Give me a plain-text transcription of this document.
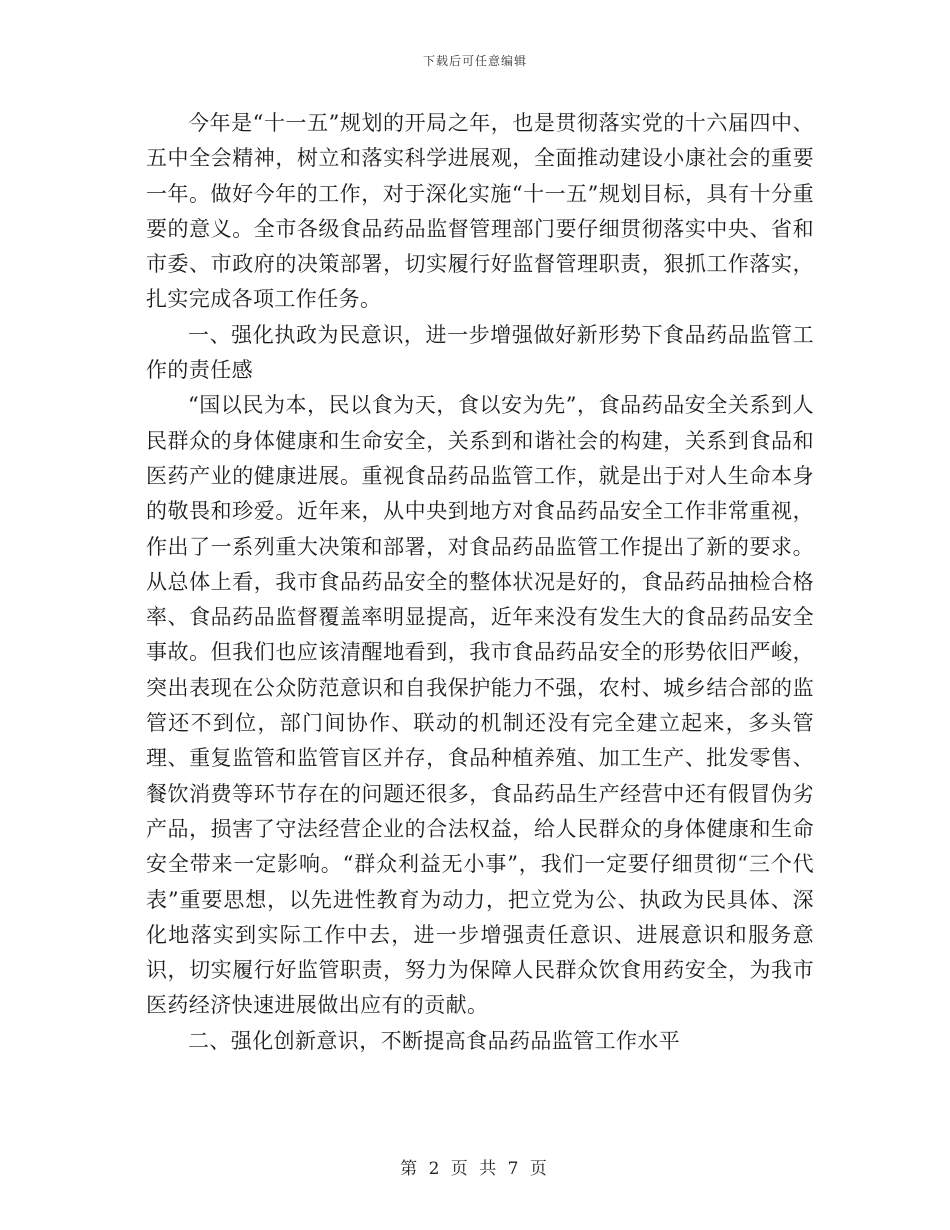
下载后可任意编辑

今年是“十一五”规划的开局之年，也是贯彻落实党的十六届四中、五中全会精神，树立和落实科学进展观，全面推动建设小康社会的重要一年。做好今年的工作，对于深化实施“十一五”规划目标，具有十分重要的意义。全市各级食品药品监督管理部门要仔细贯彻落实中央、省和市委、市政府的决策部署，切实履行好监督管理职责，狠抓工作落实，扎实完成各项工作任务。

一、强化执政为民意识，进一步增强做好新形势下食品药品监管工作的责任感

“国以民为本，民以食为天，食以安为先”，食品药品安全关系到人民群众的身体健康和生命安全，关系到和谐社会的构建，关系到食品和医药产业的健康进展。重视食品药品监管工作，就是出于对人生命本身的敬畏和珍爱。近年来，从中央到地方对食品药品安全工作非常重视，作出了一系列重大决策和部署，对食品药品监管工作提出了新的要求。从总体上看，我市食品药品安全的整体状况是好的，食品药品抽检合格率、食品药品监督覆盖率明显提高，近年来没有发生大的食品药品安全事故。但我们也应该清醒地看到，我市食品药品安全的形势依旧严峻，突出表现在公众防范意识和自我保护能力不强，农村、城乡结合部的监管还不到位，部门间协作、联动的机制还没有完全建立起来，多头管理、重复监管和监管盲区并存，食品种植养殖、加工生产、批发零售、餐饮消费等环节存在的问题还很多，食品药品生产经营中还有假冒伪劣产品，损害了守法经营企业的合法权益，给人民群众的身体健康和生命安全带来一定影响。“群众利益无小事”，我们一定要仔细贯彻“三个代表”重要思想，以先进性教育为动力，把立党为公、执政为民具体、深化地落实到实际工作中去，进一步增强责任意识、进展意识和服务意识，切实履行好监管职责，努力为保障人民群众饮食用药安全，为我市医药经济快速进展做出应有的贡献。

二、强化创新意识，不断提高食品药品监管工作水平

第 2 页 共 7 页
